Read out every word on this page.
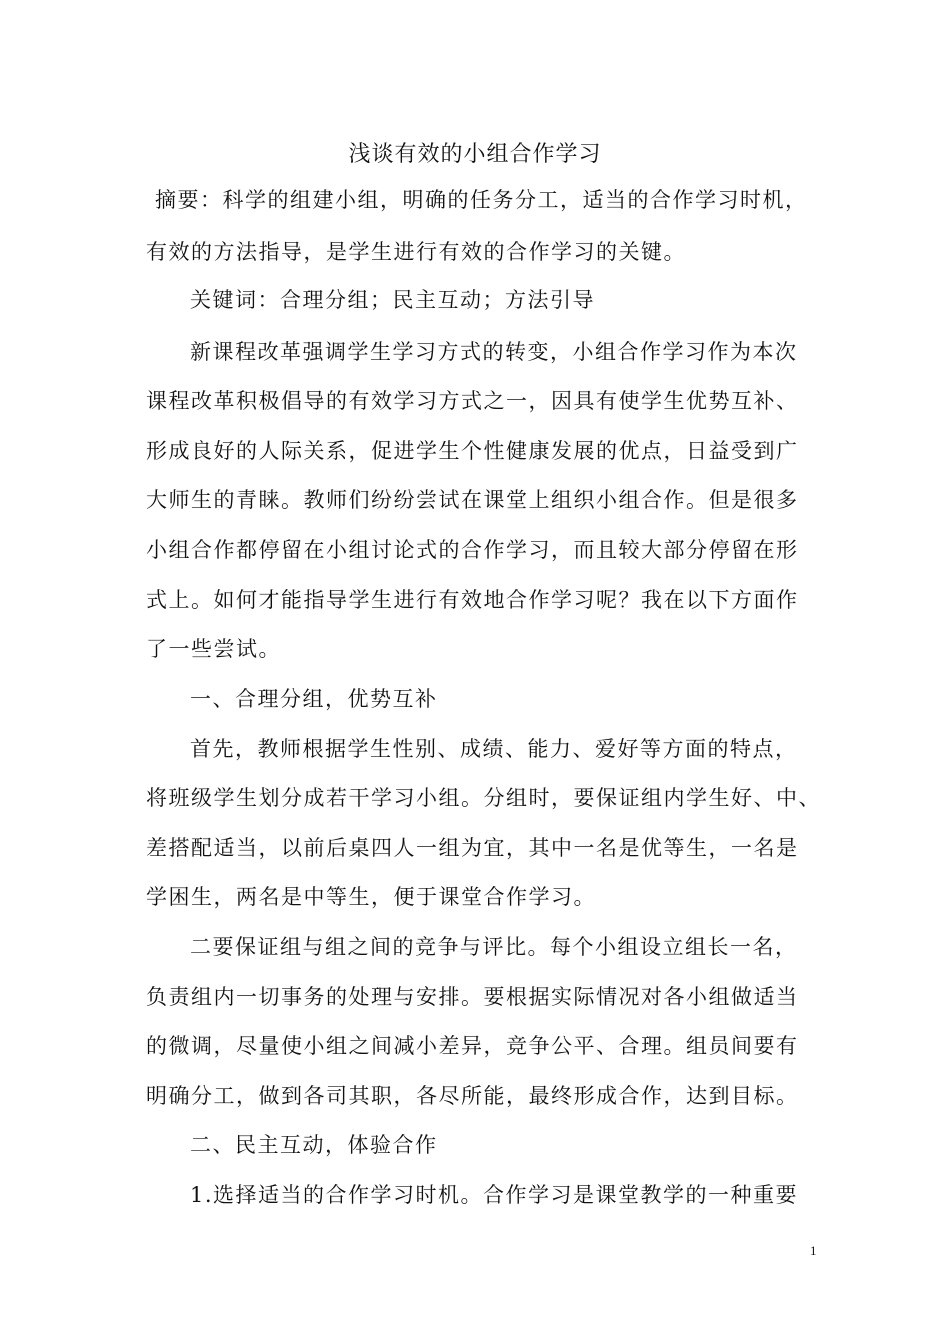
浅谈有效的小组合作学习
摘要：科学的组建小组，明确的任务分工，适当的合作学习时机，
有效的方法指导，是学生进行有效的合作学习的关键。
关键词：合理分组；民主互动；方法引导
新课程改革强调学生学习方式的转变，小组合作学习作为本次
课程改革积极倡导的有效学习方式之一，因具有使学生优势互补、
形成良好的人际关系，促进学生个性健康发展的优点，日益受到广
大师生的青睐。教师们纷纷尝试在课堂上组织小组合作。但是很多
小组合作都停留在小组讨论式的合作学习，而且较大部分停留在形
式上。如何才能指导学生进行有效地合作学习呢？我在以下方面作
了一些尝试。
一、合理分组，优势互补
首先，教师根据学生性别、成绩、能力、爱好等方面的特点，
将班级学生划分成若干学习小组。分组时，要保证组内学生好、中、
差搭配适当，以前后桌四人一组为宜，其中一名是优等生，一名是
学困生，两名是中等生，便于课堂合作学习。
二要保证组与组之间的竞争与评比。每个小组设立组长一名，
负责组内一切事务的处理与安排。要根据实际情况对各小组做适当
的微调，尽量使小组之间减小差异，竞争公平、合理。组员间要有
明确分工，做到各司其职，各尽所能，最终形成合作，达到目标。
二、民主互动，体验合作
1.选择适当的合作学习时机。合作学习是课堂教学的一种重要
1
